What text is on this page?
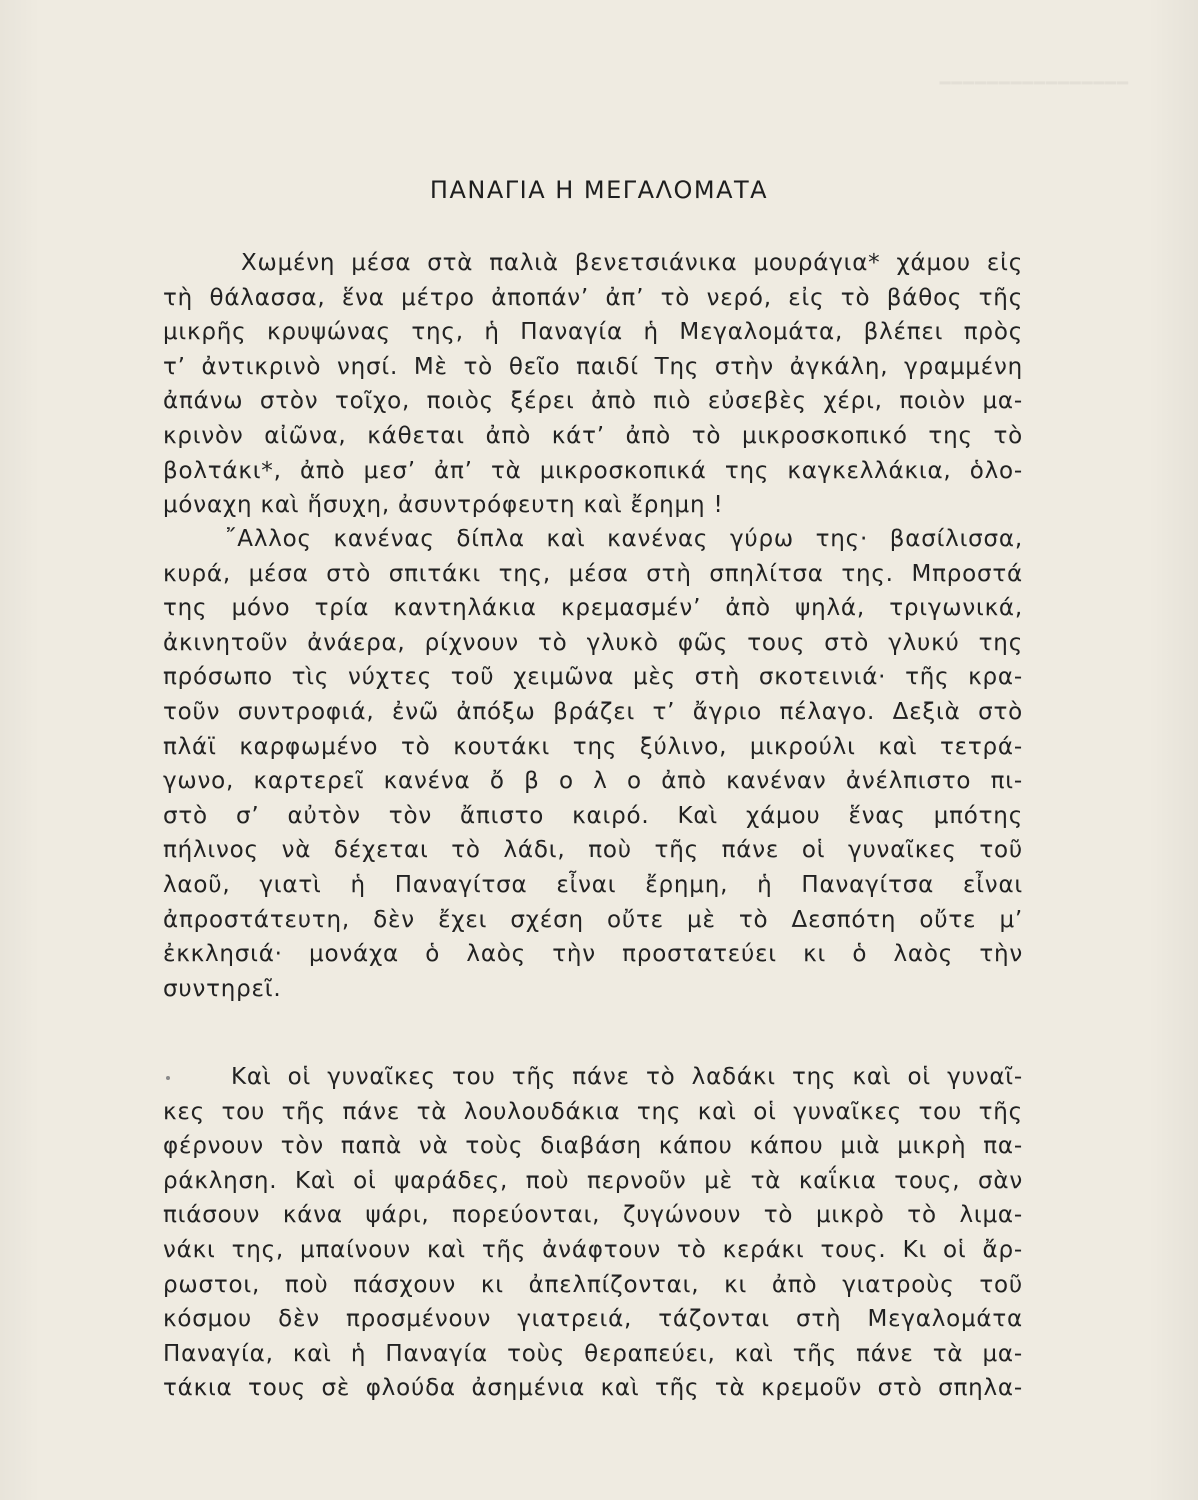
━━━━━━━━━━━━━━━━
ΠΑΝΑΓΙΑ Η ΜΕΓΑΛΟΜΑΤΑ
Χωμένη μέσα στὰ παλιὰ βενετσιάνικα μουράγια* χάμου εἰς
τὴ θάλασσα, ἕνα μέτρο ἀποπάν’ ἀπ’ τὸ νερό, εἰς τὸ βάθος τῆς
μικρῆς κρυψώνας της, ἡ Παναγία ἡ Μεγαλομάτα, βλέπει πρὸς
τ’ ἀντικρινὸ νησί. Μὲ τὸ θεῖο παιδί Της στὴν ἀγκάλη, γραμμένη
ἀπάνω στὸν τοῖχο, ποιὸς ξέρει ἀπὸ πιὸ εὐσεβὲς χέρι, ποιὸν μα-
κρινὸν αἰῶνα, κάθεται ἀπὸ κάτ’ ἀπὸ τὸ μικροσκοπικό της τὸ
βολτάκι*, ἀπὸ μεσ’ ἀπ’ τὰ μικροσκοπικά της καγκελλάκια, ὁλο-
μόναχη καὶ ἥσυχη, ἀσυντρόφευτη καὶ ἔρημη !
῎Αλλος κανένας δίπλα καὶ κανένας γύρω της· βασίλισσα,
κυρά, μέσα στὸ σπιτάκι της, μέσα στὴ σπηλίτσα της. Μπροστά
της μόνο τρία καντηλάκια κρεμασμέν’ ἀπὸ ψηλά, τριγωνικά,
ἀκινητοῦν ἀνάερα, ρίχνουν τὸ γλυκὸ φῶς τους στὸ γλυκύ της
πρόσωπο τὶς νύχτες τοῦ χειμῶνα μὲς στὴ σκοτεινιά· τῆς κρα-
τοῦν συντροφιά, ἐνῶ ἀπόξω βράζει τ’ ἄγριο πέλαγο. Δεξιὰ στὸ
πλάϊ καρφωμένο τὸ κουτάκι της ξύλινο, μικρούλι καὶ τετρά-
γωνο, καρτερεῖ κανένα ὄ β ο λ ο ἀπὸ κανέναν ἀνέλπιστο πι-
στὸ σ’ αὐτὸν τὸν ἄπιστο καιρό. Καὶ χάμου ἕνας μπότης
πήλινος νὰ δέχεται τὸ λάδι, ποὺ τῆς πάνε οἱ γυναῖκες τοῦ
λαοῦ, γιατὶ ἡ Παναγίτσα εἶναι ἔρημη, ἡ Παναγίτσα εἶναι
ἀπροστάτευτη, δὲν ἔχει σχέση οὔτε μὲ τὸ Δεσπότη οὔτε μ’
ἐκκλησιά· μονάχα ὁ λαὸς τὴν προστατεύει κι ὁ λαὸς τὴν
συντηρεῖ.
Καὶ οἱ γυναῖκες του τῆς πάνε τὸ λαδάκι της καὶ οἱ γυναῖ-
κες του τῆς πάνε τὰ λουλουδάκια της καὶ οἱ γυναῖκες του τῆς
φέρνουν τὸν παπὰ νὰ τοὺς διαβάση κάπου κάπου μιὰ μικρὴ πα-
ράκληση. Καὶ οἱ ψαράδες, ποὺ περνοῦν μὲ τὰ καΐκια τους, σὰν
πιάσουν κάνα ψάρι, πορεύονται, ζυγώνουν τὸ μικρὸ τὸ λιμα-
νάκι της, μπαίνουν καὶ τῆς ἀνάφτουν τὸ κεράκι τους. Κι οἱ ἄρ-
ρωστοι, ποὺ πάσχουν κι ἀπελπίζονται, κι ἀπὸ γιατροὺς τοῦ
κόσμου δὲν προσμένουν γιατρειά, τάζονται στὴ Μεγαλομάτα
Παναγία, καὶ ἡ Παναγία τοὺς θεραπεύει, καὶ τῆς πάνε τὰ μα-
τάκια τους σὲ φλούδα ἀσημένια καὶ τῆς τὰ κρεμοῦν στὸ σπηλα-
